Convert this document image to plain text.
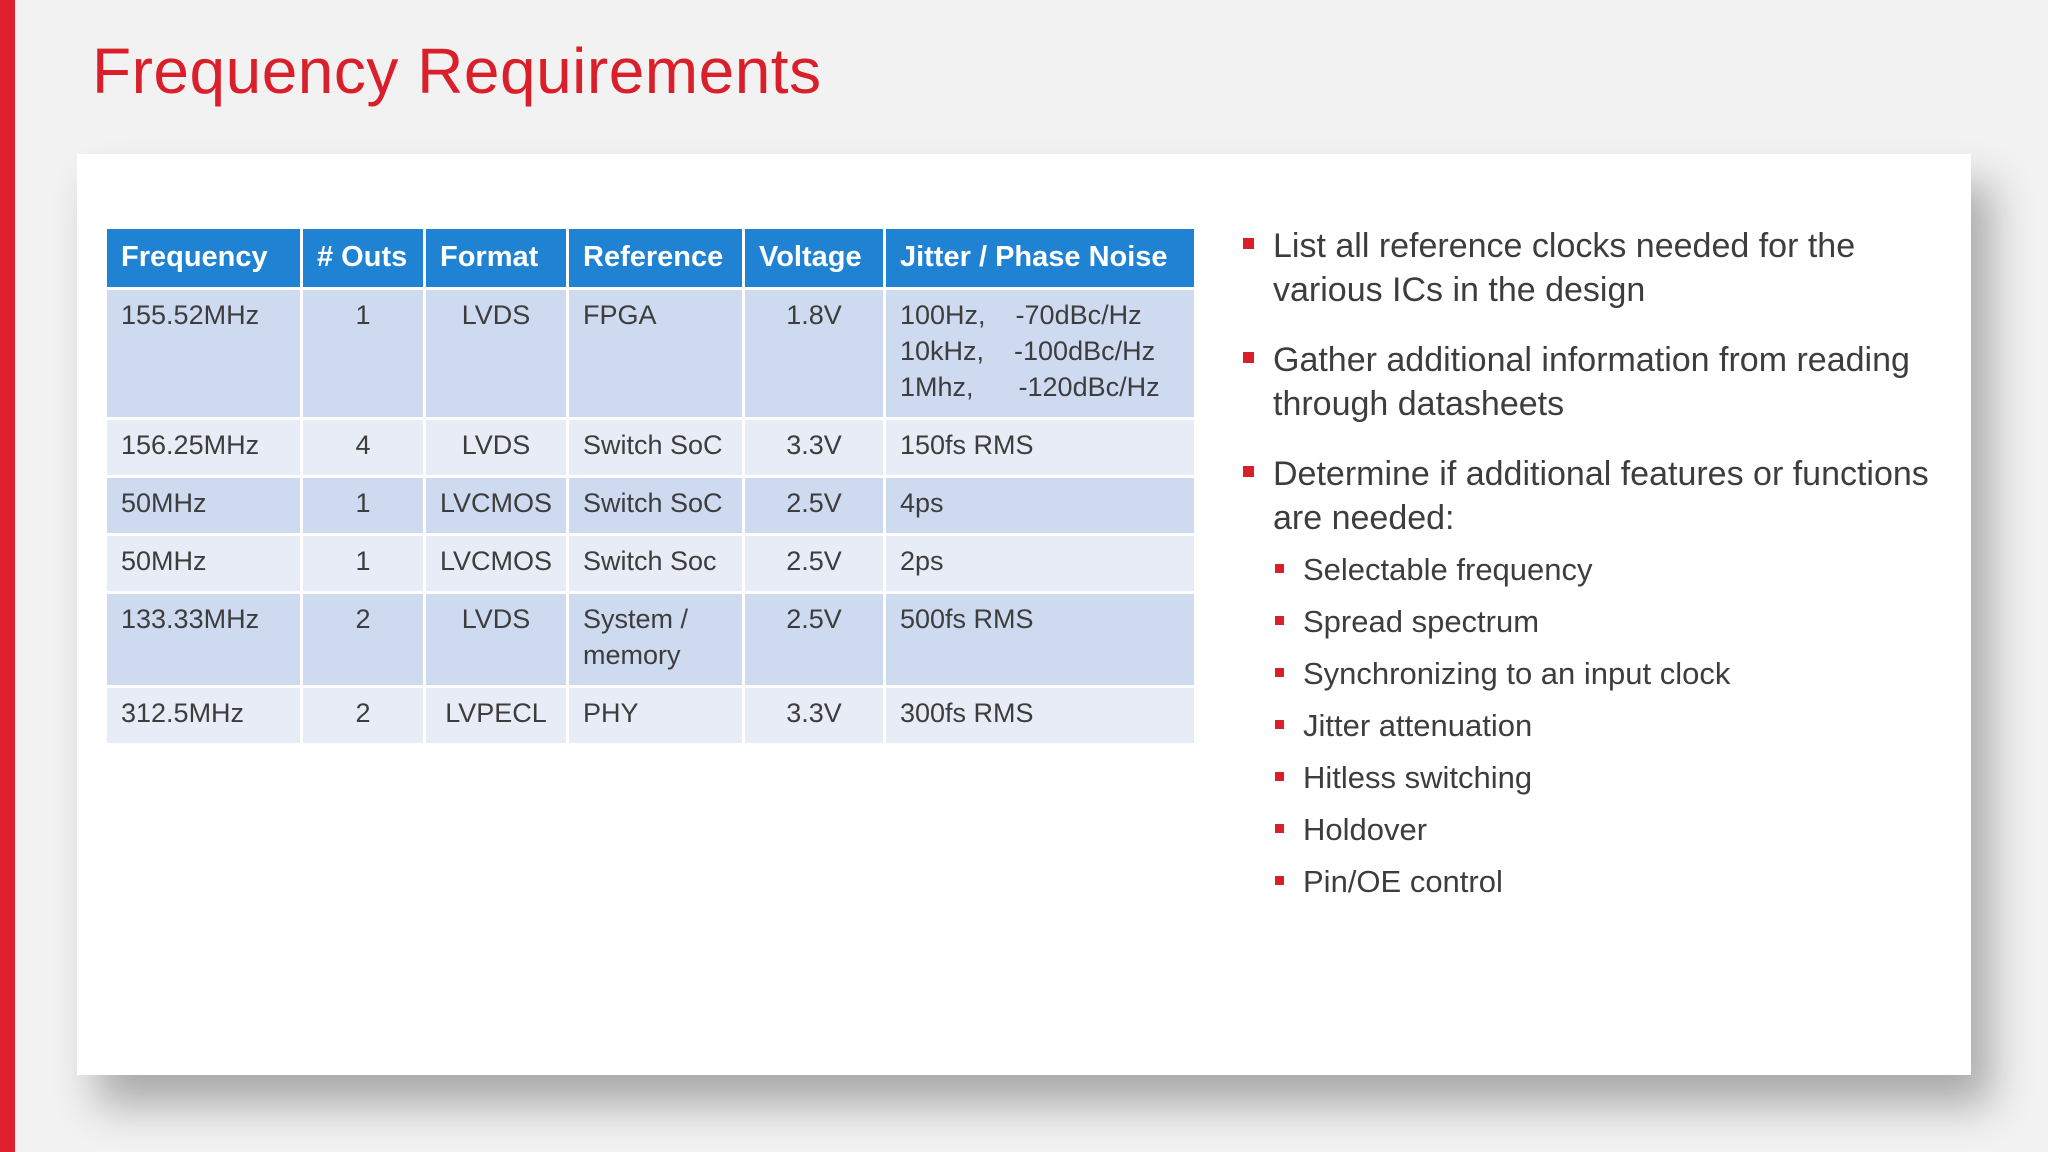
Frequency Requirements
Frequency	# Outs	Format	Reference	Voltage	Jitter / Phase Noise
155.52MHz	1	LVDS	FPGA	1.8V	100Hz,    -70dBc/Hz
10kHz,    -100dBc/Hz
1Mhz,      -120dBc/Hz

156.25MHz	4	LVDS	Switch SoC	3.3V	150fs RMS
50MHz	1	LVCMOS	Switch SoC	2.5V	4ps
50MHz	1	LVCMOS	Switch Soc	2.5V	2ps
133.33MHz	2	LVDS	System / memory	2.5V	500fs RMS
312.5MHz	2	LVPECL	PHY	3.3V	300fs RMS
List all reference clocks needed for the various ICs in the design
Gather additional information from reading through datasheets
Determine if additional features or functions are needed:
Selectable frequency
Spread spectrum
Synchronizing to an input clock
Jitter attenuation
Hitless switching
Holdover
Pin/OE control
